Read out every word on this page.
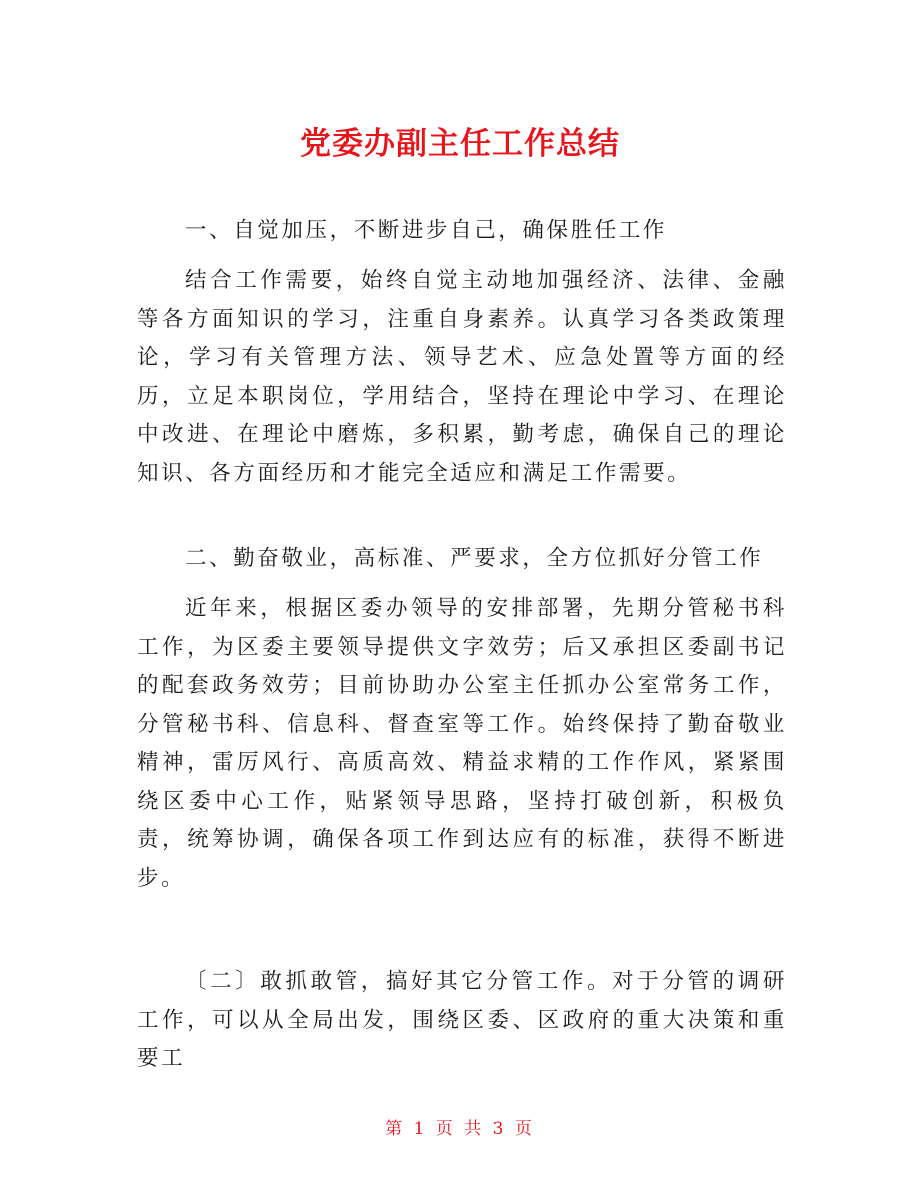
党委办副主任工作总结

一、自觉加压，不断进步自己，确保胜任工作

结合工作需要，始终自觉主动地加强经济、法律、金融等各方面知识的学习，注重自身素养。认真学习各类政策理论，学习有关管理方法、领导艺术、应急处置等方面的经历，立足本职岗位，学用结合，坚持在理论中学习、在理论中改进、在理论中磨炼，多积累，勤考虑，确保自己的理论知识、各方面经历和才能完全适应和满足工作需要。

二、勤奋敬业，高标准、严要求，全方位抓好分管工作

近年来，根据区委办领导的安排部署，先期分管秘书科工作，为区委主要领导提供文字效劳；后又承担区委副书记的配套政务效劳；目前协助办公室主任抓办公室常务工作，分管秘书科、信息科、督查室等工作。始终保持了勤奋敬业精神，雷厉风行、高质高效、精益求精的工作作风，紧紧围绕区委中心工作，贴紧领导思路，坚持打破创新，积极负责，统筹协调，确保各项工作到达应有的标准，获得不断进步。

〔二〕敢抓敢管，搞好其它分管工作。对于分管的调研工作，可以从全局出发，围绕区委、区政府的重大决策和重要工

第 1 页 共 3 页
